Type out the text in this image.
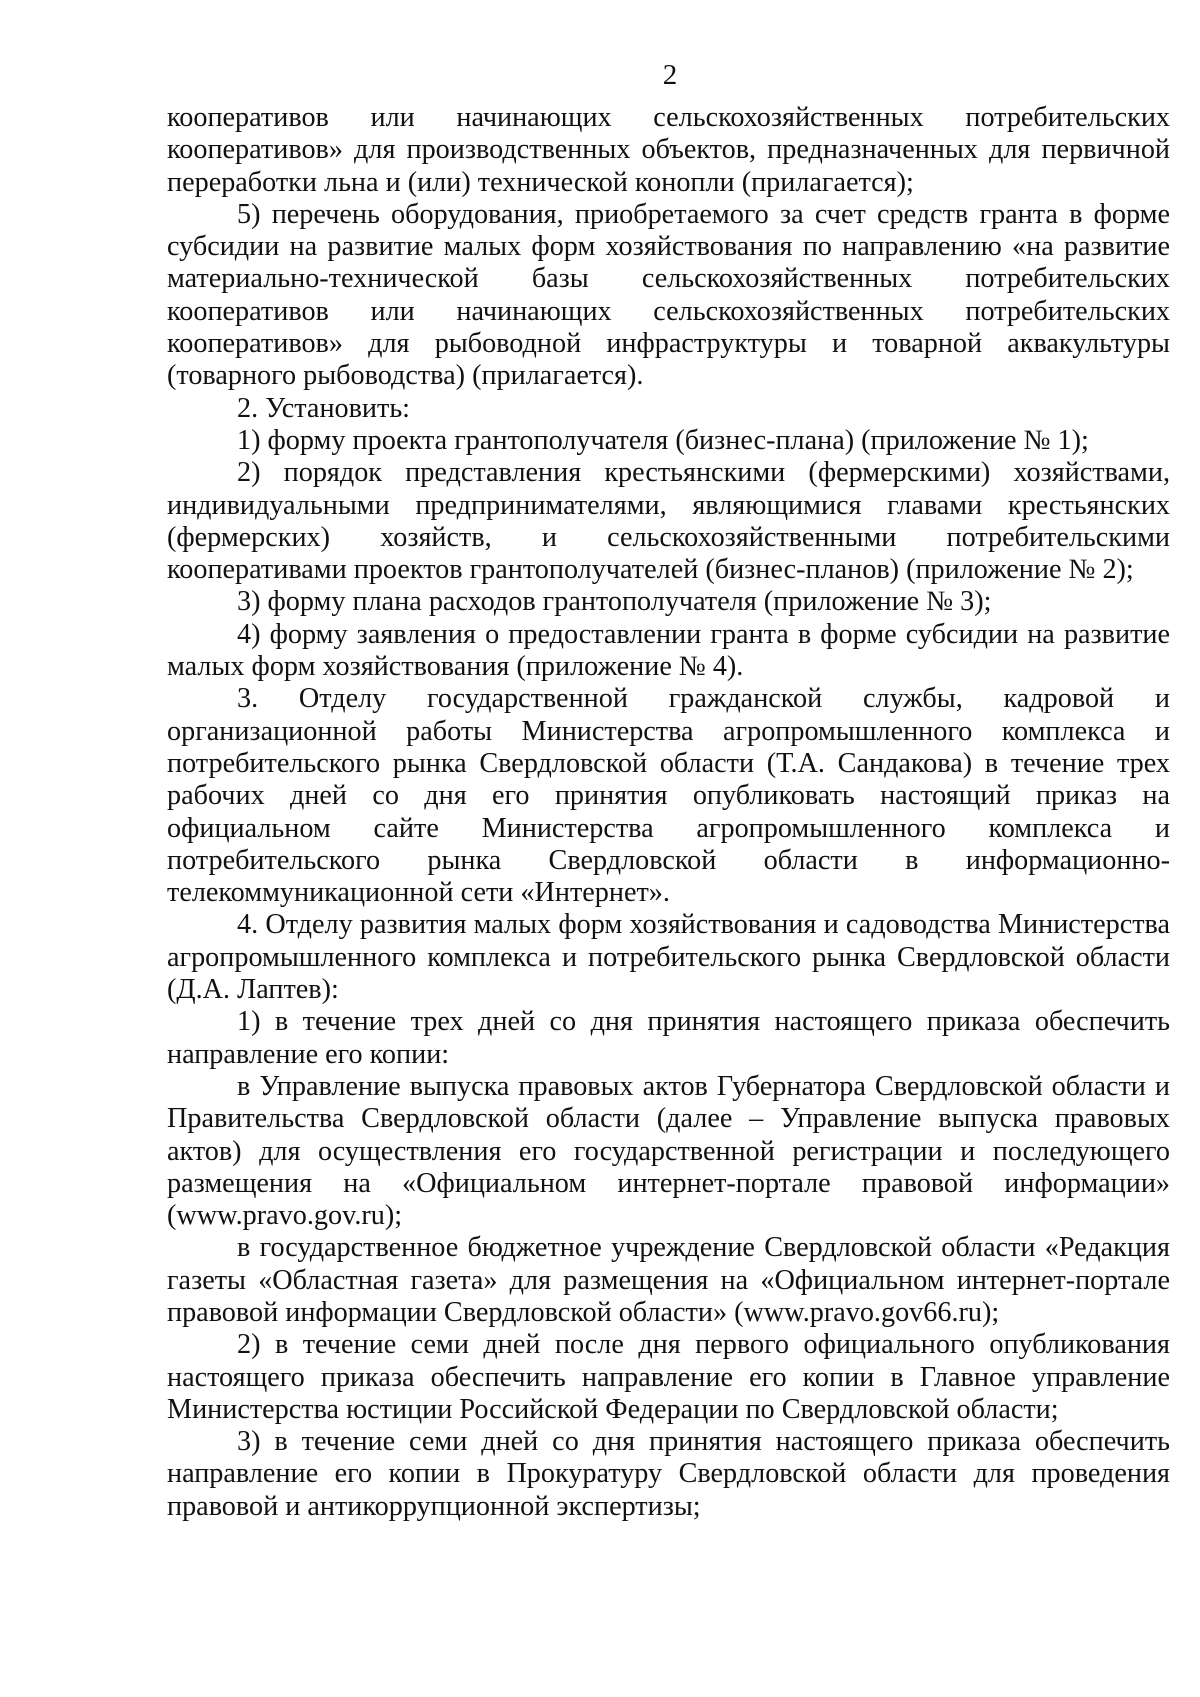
2

кооперативов или начинающих сельскохозяйственных потребительских кооперативов» для производственных объектов, предназначенных для первичной переработки льна и (или) технической конопли (прилагается);

5) перечень оборудования, приобретаемого за счет средств гранта в форме субсидии на развитие малых форм хозяйствования по направлению «на развитие материально-технической базы сельскохозяйственных потребительских кооперативов или начинающих сельскохозяйственных потребительских кооперативов» для рыбоводной инфраструктуры и товарной аквакультуры (товарного рыбоводства) (прилагается).

2. Установить:

1) форму проекта грантополучателя (бизнес-плана) (приложение № 1);

2) порядок представления крестьянскими (фермерскими) хозяйствами, индивидуальными предпринимателями, являющимися главами крестьянских (фермерских) хозяйств, и сельскохозяйственными потребительскими кооперативами проектов грантополучателей (бизнес-планов) (приложение № 2);

3) форму плана расходов грантополучателя (приложение № 3);

4) форму заявления о предоставлении гранта в форме субсидии на развитие малых форм хозяйствования (приложение № 4).

3. Отделу государственной гражданской службы, кадровой и организационной работы Министерства агропромышленного комплекса и потребительского рынка Свердловской области (Т.А. Сандакова) в течение трех рабочих дней со дня его принятия опубликовать настоящий приказ на официальном сайте Министерства агропромышленного комплекса и потребительского рынка Свердловской области в информационно-телекоммуникационной сети «Интернет».

4. Отделу развития малых форм хозяйствования и садоводства Министерства агропромышленного комплекса и потребительского рынка Свердловской области (Д.А. Лаптев):

1) в течение трех дней со дня принятия настоящего приказа обеспечить направление его копии:

в Управление выпуска правовых актов Губернатора Свердловской области и Правительства Свердловской области (далее – Управление выпуска правовых актов) для осуществления его государственной регистрации и последующего размещения на «Официальном интернет-портале правовой информации» (www.pravo.gov.ru);

в государственное бюджетное учреждение Свердловской области «Редакция газеты «Областная газета» для размещения на «Официальном интернет-портале правовой информации Свердловской области» (www.pravo.gov66.ru);

2) в течение семи дней после дня первого официального опубликования настоящего приказа обеспечить направление его копии в Главное управление Министерства юстиции Российской Федерации по Свердловской области;

3) в течение семи дней со дня принятия настоящего приказа обеспечить направление его копии в Прокуратуру Свердловской области для проведения правовой и антикоррупционной экспертизы;
